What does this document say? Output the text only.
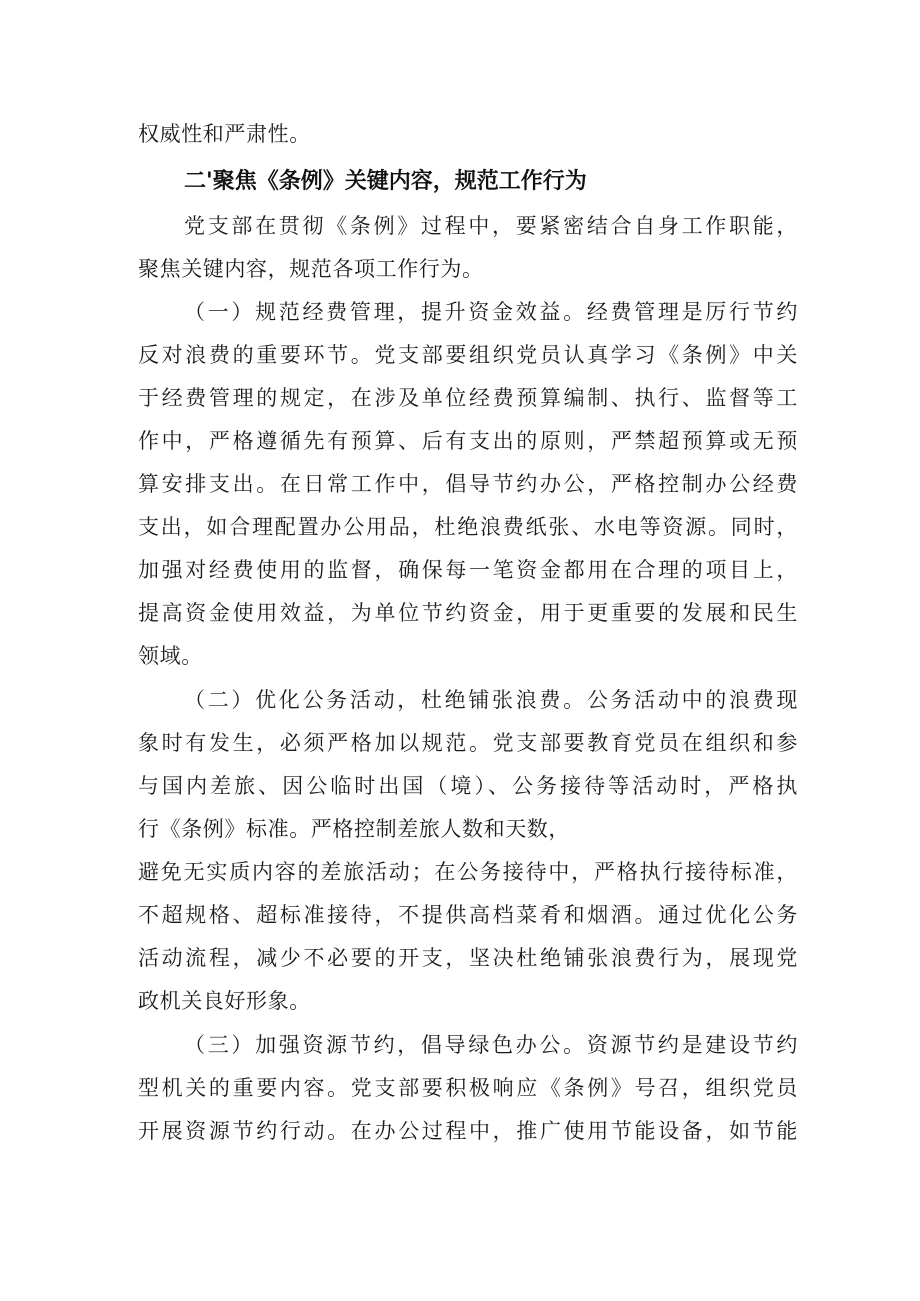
权威性和严肃性。
二'聚焦《条例》关键内容，规范工作行为
党支部在贯彻《条例》过程中，要紧密结合自身工作职能，
聚焦关键内容，规范各项工作行为。
（一）规范经费管理，提升资金效益。经费管理是厉行节约
反对浪费的重要环节。党支部要组织党员认真学习《条例》中关
于经费管理的规定，在涉及单位经费预算编制、执行、监督等工
作中，严格遵循先有预算、后有支出的原则，严禁超预算或无预
算安排支出。在日常工作中，倡导节约办公，严格控制办公经费
支出，如合理配置办公用品，杜绝浪费纸张、水电等资源。同时，
加强对经费使用的监督，确保每一笔资金都用在合理的项目上，
提高资金使用效益，为单位节约资金，用于更重要的发展和民生
领域。
（二）优化公务活动，杜绝铺张浪费。公务活动中的浪费现
象时有发生，必须严格加以规范。党支部要教育党员在组织和参
与国内差旅、因公临时出国（境）、公务接待等活动时，严格执
行《条例》标准。严格控制差旅人数和天数，
避免无实质内容的差旅活动；在公务接待中，严格执行接待标准，
不超规格、超标准接待，不提供高档菜肴和烟酒。通过优化公务
活动流程，减少不必要的开支，坚决杜绝铺张浪费行为，展现党
政机关良好形象。
（三）加强资源节约，倡导绿色办公。资源节约是建设节约
型机关的重要内容。党支部要积极响应《条例》号召，组织党员
开展资源节约行动。在办公过程中，推广使用节能设备，如节能
